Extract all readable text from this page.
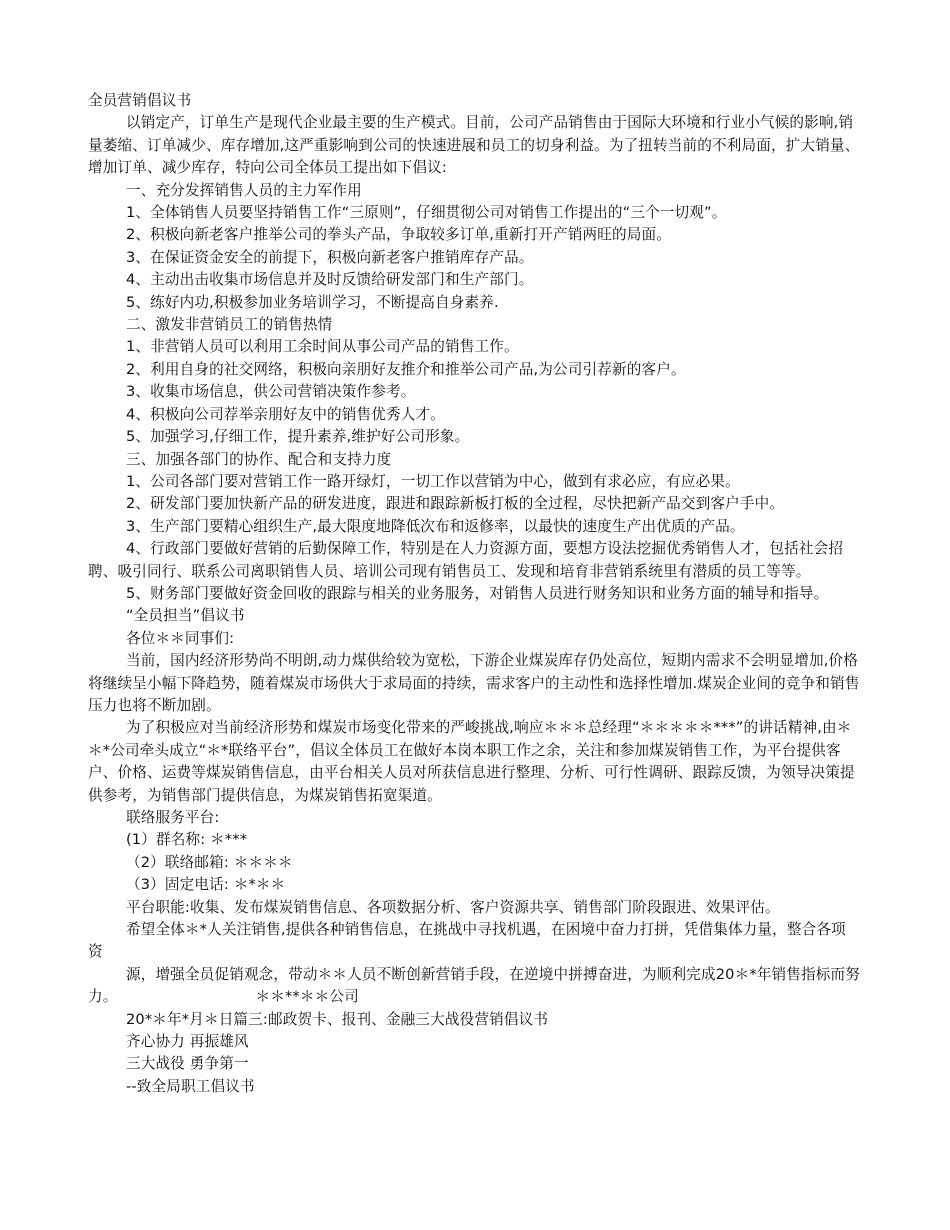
全员营销倡议书

以销定产，订单生产是现代企业最主要的生产模式。目前，公司产品销售由于国际大环境和行业小气候的影响,销量萎缩、订单减少、库存增加,这严重影响到公司的快速进展和员工的切身利益。为了扭转当前的不利局面，扩大销量、增加订单、减少库存，特向公司全体员工提出如下倡议:

一、充分发挥销售人员的主力军作用

1、全体销售人员要坚持销售工作“三原则”，仔细贯彻公司对销售工作提出的“三个一切观”。

2、积极向新老客户推举公司的拳头产品，争取较多订单,重新打开产销两旺的局面。

3、在保证资金安全的前提下，积极向新老客户推销库存产品。

4、主动出击收集市场信息并及时反馈给研发部门和生产部门。

5、练好内功,积极参加业务培训学习，不断提高自身素养.

二、激发非营销员工的销售热情

1、非营销人员可以利用工余时间从事公司产品的销售工作。

2、利用自身的社交网络，积极向亲朋好友推介和推举公司产品,为公司引荐新的客户。

3、收集市场信息，供公司营销决策作参考。

4、积极向公司荐举亲朋好友中的销售优秀人才。

5、加强学习,仔细工作，提升素养,维护好公司形象。

三、加强各部门的协作、配合和支持力度

1、公司各部门要对营销工作一路开绿灯，一切工作以营销为中心，做到有求必应，有应必果。

2、研发部门要加快新产品的研发进度，跟进和跟踪新板打板的全过程，尽快把新产品交到客户手中。

3、生产部门要精心组织生产,最大限度地降低次布和返修率，以最快的速度生产出优质的产品。

4、行政部门要做好营销的后勤保障工作，特别是在人力资源方面，要想方设法挖掘优秀销售人才，包括社会招聘、吸引同行、联系公司离职销售人员、培训公司现有销售员工、发现和培育非营销系统里有潜质的员工等等。

5、财务部门要做好资金回收的跟踪与相关的业务服务，对销售人员进行财务知识和业务方面的辅导和指导。

“全员担当”倡议书

各位＊＊同事们:

当前，国内经济形势尚不明朗,动力煤供给较为宽松，下游企业煤炭库存仍处高位，短期内需求不会明显增加,价格将继续呈小幅下降趋势，随着煤炭市场供大于求局面的持续，需求客户的主动性和选择性增加.煤炭企业间的竞争和销售压力也将不断加剧。

为了积极应对当前经济形势和煤炭市场变化带来的严峻挑战,响应＊＊＊总经理“＊＊＊＊＊***”的讲话精神,由＊＊*公司牵头成立“＊*联络平台”，倡议全体员工在做好本岗本职工作之余，关注和参加煤炭销售工作，为平台提供客户、价格、运费等煤炭销售信息，由平台相关人员对所获信息进行整理、分析、可行性调研、跟踪反馈，为领导决策提供参考，为销售部门提供信息，为煤炭销售拓宽渠道。

联络服务平台:

(1）群名称: ＊***

（2）联络邮箱: ＊＊＊＊

（3）固定电话: ＊*＊＊

平台职能:收集、发布煤炭销售信息、各项数据分析、客户资源共享、销售部门阶段跟进、效果评估。

希望全体＊*人关注销售,提供各种销售信息，在挑战中寻找机遇，在困境中奋力打拼，凭借集体力量，整合各项资

源，增强全员促销观念，带动＊＊人员不断创新营销手段，在逆境中拼搏奋进，为顺利完成20＊*年销售指标而努力。	＊＊**＊＊公司

20*＊年*月＊日篇三:邮政贺卡、报刊、金融三大战役营销倡议书

齐心协力 再振雄风

三大战役 勇争第一

--致全局职工倡议书
